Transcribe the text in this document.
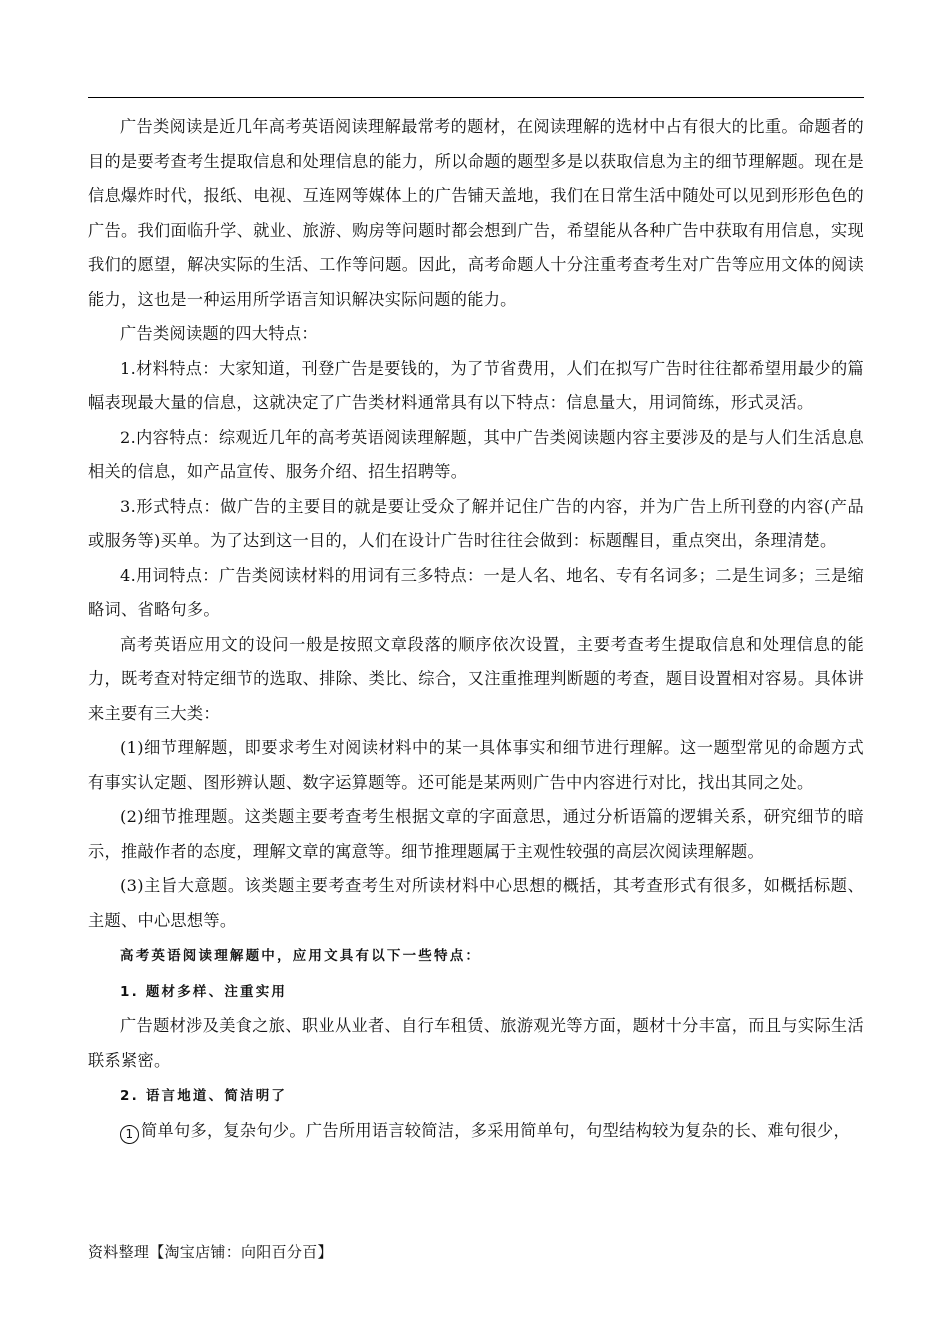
广告类阅读是近几年高考英语阅读理解最常考的题材，在阅读理解的选材中占有很大的比重。命题者的目的是要考查考生提取信息和处理信息的能力，所以命题的题型多是以获取信息为主的细节理解题。现在是信息爆炸时代，报纸、电视、互连网等媒体上的广告铺天盖地，我们在日常生活中随处可以见到形形色色的广告。我们面临升学、就业、旅游、购房等问题时都会想到广告，希望能从各种广告中获取有用信息，实现我们的愿望，解决实际的生活、工作等问题。因此，高考命题人十分注重考查考生对广告等应用文体的阅读能力，这也是一种运用所学语言知识解决实际问题的能力。

广告类阅读题的四大特点：

1.材料特点：大家知道，刊登广告是要钱的，为了节省费用，人们在拟写广告时往往都希望用最少的篇幅表现最大量的信息，这就决定了广告类材料通常具有以下特点：信息量大，用词简练，形式灵活。

2.内容特点：综观近几年的高考英语阅读理解题，其中广告类阅读题内容主要涉及的是与人们生活息息相关的信息，如产品宣传、服务介绍、招生招聘等。

3.形式特点：做广告的主要目的就是要让受众了解并记住广告的内容，并为广告上所刊登的内容(产品或服务等)买单。为了达到这一目的，人们在设计广告时往往会做到：标题醒目，重点突出，条理清楚。

4.用词特点：广告类阅读材料的用词有三多特点：一是人名、地名、专有名词多；二是生词多；三是缩略词、省略句多。

高考英语应用文的设问一般是按照文章段落的顺序依次设置，主要考查考生提取信息和处理信息的能力，既考查对特定细节的选取、排除、类比、综合，又注重推理判断题的考查，题目设置相对容易。具体讲来主要有三大类：

(1)细节理解题，即要求考生对阅读材料中的某一具体事实和细节进行理解。这一题型常见的命题方式有事实认定题、图形辨认题、数字运算题等。还可能是某两则广告中内容进行对比，找出其同之处。

(2)细节推理题。这类题主要考查考生根据文章的字面意思，通过分析语篇的逻辑关系，研究细节的暗示，推敲作者的态度，理解文章的寓意等。细节推理题属于主观性较强的高层次阅读理解题。

(3)主旨大意题。该类题主要考查考生对所读材料中心思想的概括，其考查形式有很多，如概括标题、主题、中心思想等。

高考英语阅读理解题中，应用文具有以下一些特点：

1. 题材多样、注重实用

广告题材涉及美食之旅、职业从业者、自行车租赁、旅游观光等方面，题材十分丰富，而且与实际生活联系紧密。

2. 语言地道、简洁明了

1 简单句多，复杂句少。广告所用语言较简洁，多采用简单句，句型结构较为复杂的长、难句很少，

资料整理【淘宝店铺：向阳百分百】
